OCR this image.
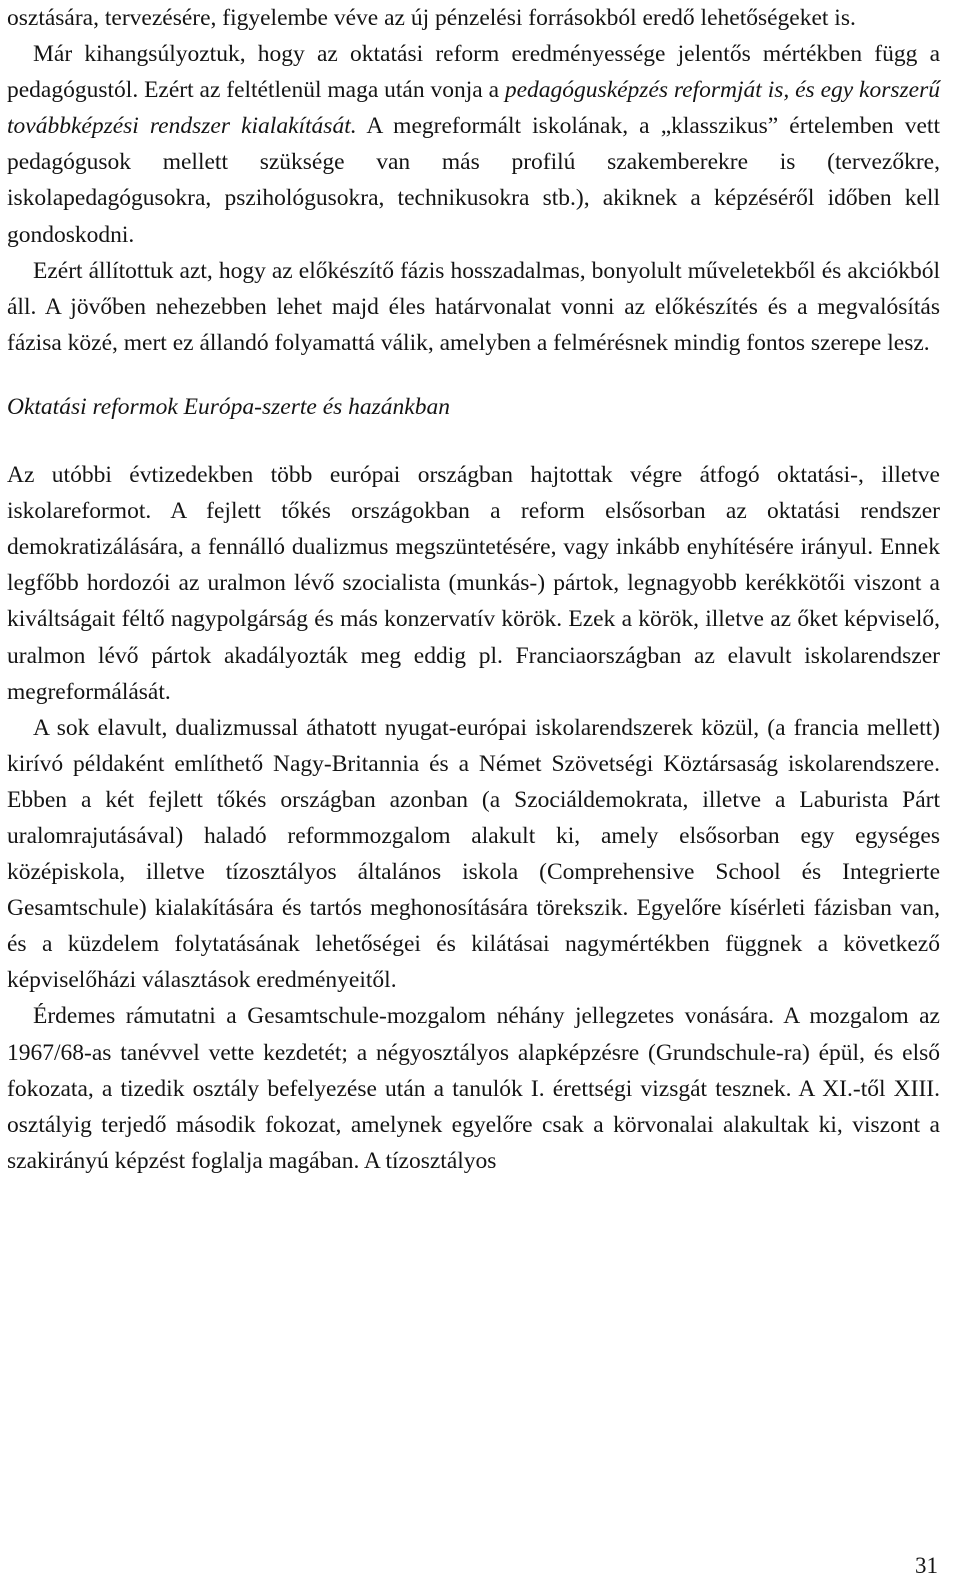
osztására, tervezésére, figyelembe véve az új pénzelési forrásokból eredő lehetőségeket is.

Már kihangsúlyoztuk, hogy az oktatási reform eredményessége jelentős mértékben függ a pedagógustól. Ezért az feltétlenül maga után vonja a pedagógusképzés reformját is, és egy korszerű továbbképzési rendszer kialakítását. A megreformált iskolának, a „klasszikus” értelemben vett pedagógusok mellett szüksége van más profilú szakemberekre is (tervezőkre, iskolapedagógusokra, pszihológusokra, technikusokra stb.), akiknek a képzéséről időben kell gondoskodni.

Ezért állítottuk azt, hogy az előkészítő fázis hosszadalmas, bonyolult műveletekből és akciókból áll. A jövőben nehezebben lehet majd éles határvonalat vonni az előkészítés és a megvalósítás fázisa közé, mert ez állandó folyamattá válik, amelyben a felmérésnek mindig fontos szerepe lesz.

Oktatási reformok Európa-szerte és hazánkban

Az utóbbi évtizedekben több európai országban hajtottak végre átfogó oktatási-, illetve iskolareformot. A fejlett tőkés országokban a reform elsősorban az oktatási rendszer demokratizálására, a fennálló dualizmus megszüntetésére, vagy inkább enyhítésére irányul. Ennek legfőbb hordozói az uralmon lévő szocialista (munkás-) pártok, legnagyobb kerékkötői viszont a kiváltságait féltő nagypolgárság és más konzervatív körök. Ezek a körök, illetve az őket képviselő, uralmon lévő pártok akadályozták meg eddig pl. Franciaországban az elavult iskolarendszer megreformálását.

A sok elavult, dualizmussal áthatott nyugat-európai iskolarendszerek közül, (a francia mellett) kirívó példaként említhető Nagy-Britannia és a Német Szövetségi Köztársaság iskolarendszere. Ebben a két fejlett tőkés országban azonban (a Szociáldemokrata, illetve a Laburista Párt uralomrajutásával) haladó reformmozgalom alakult ki, amely elsősorban egy egységes középiskola, illetve tízosztályos általános iskola (Comprehensive School és Integrierte Gesamtschule) kialakítására és tartós meghonosítására törekszik. Egyelőre kísérleti fázisban van, és a küzdelem folytatásának lehetőségei és kilátásai nagymértékben függnek a következő képviselőházi választások eredményeitől.

Érdemes rámutatni a Gesamtschule-mozgalom néhány jellegzetes vonására. A mozgalom az 1967/68-as tanévvel vette kezdetét; a négyosztályos alapképzésre (Grundschule-ra) épül, és első fokozata, a tizedik osztály befelyezése után a tanulók I. érettségi vizsgát tesznek. A XI.-től XIII. osztályig terjedő második fokozat, amelynek egyelőre csak a körvonalai alakultak ki, viszont a szakirányú képzést foglalja magában. A tízosztályos

31
